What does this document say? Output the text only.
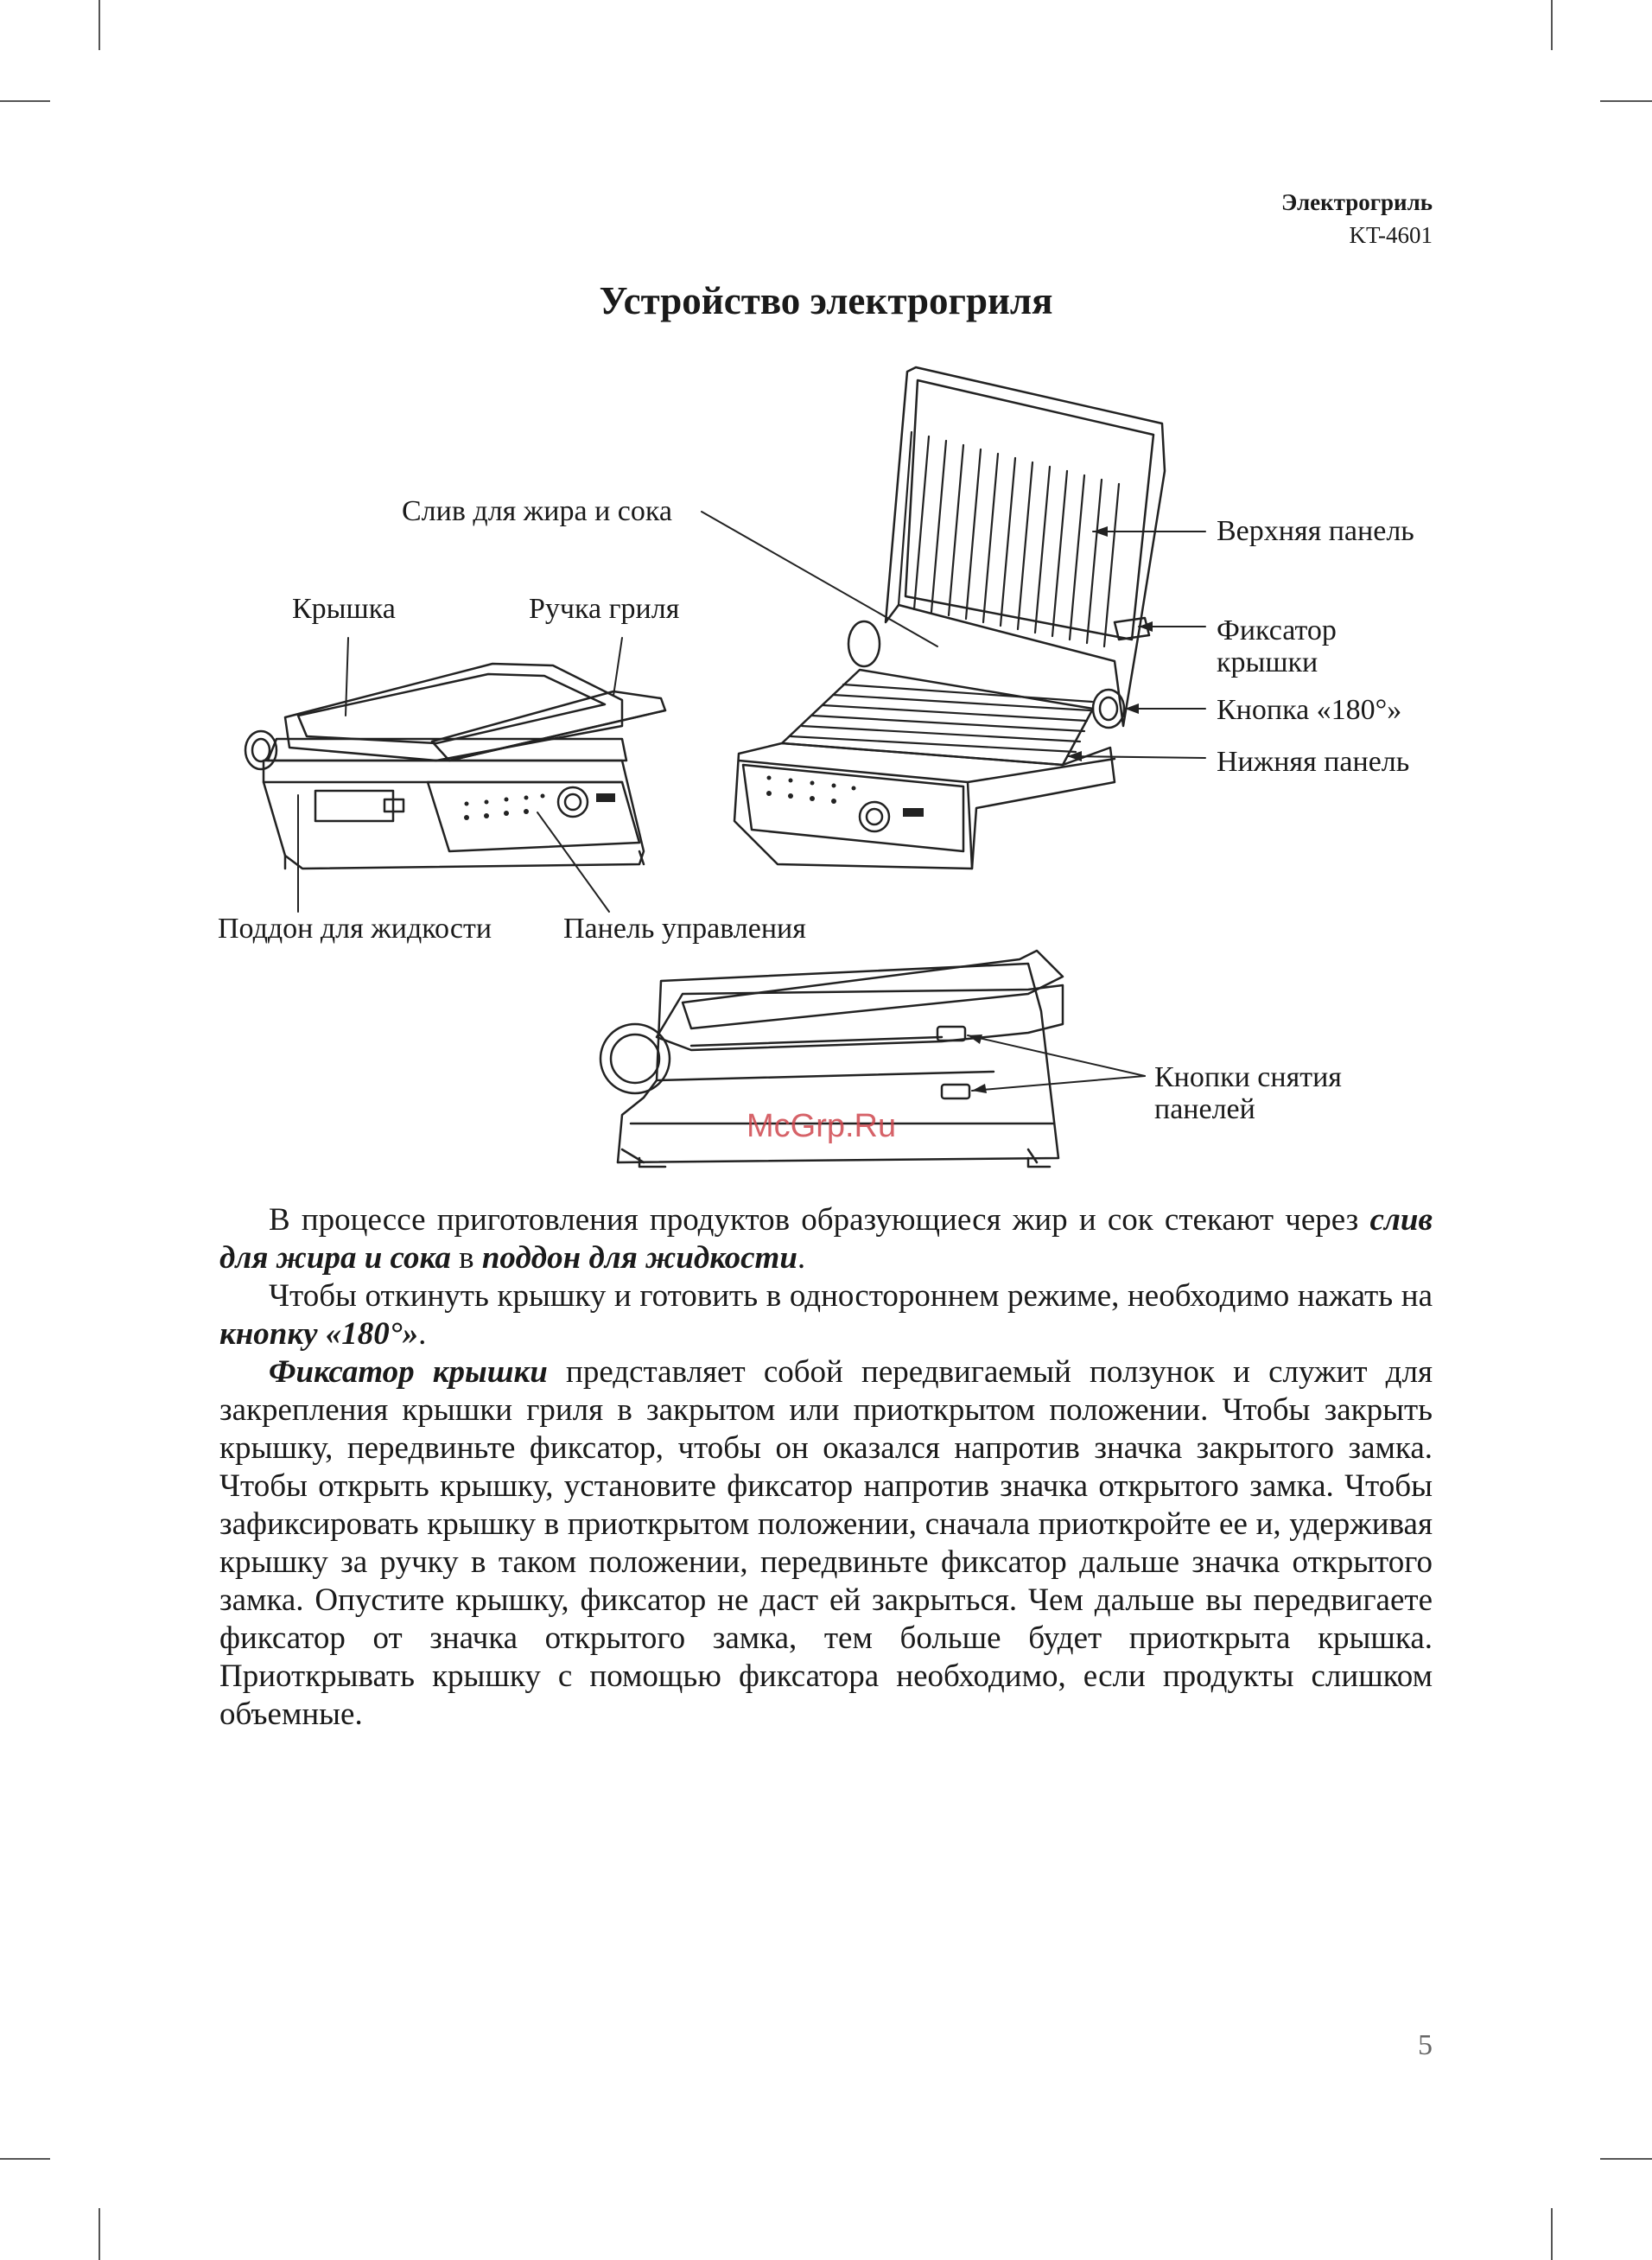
Электрогриль
KT-4601
Устройство электрогриля
Слив для жира и сока
Верхняя панель
Крышка	Ручка гриля
Фиксатор
крышки
Кнопка «180°»
Нижняя панель
Поддон для жидкости Панель управления
Кнопки снятия
панелей
McGrp.Ru

В процессе приготовления продуктов образующиеся жир и сок стекают через слив для жира и сока в поддон для жидкости.

Чтобы откинуть крышку и готовить в одностороннем режиме, необходимо нажать на кнопку «180°».

Фиксатор крышки представляет собой передвигаемый ползунок и служит для закрепления крышки гриля в закрытом или приоткрытом положении. Чтобы закрыть крышку, передвиньте фиксатор, чтобы он оказался напротив значка закрытого замка. Чтобы открыть крышку, установите фиксатор напротив значка открытого замка. Чтобы зафиксировать крышку в приоткрытом положении, сначала приоткройте ее и, удерживая крышку за ручку в таком положении, передвиньте фиксатор дальше значка открытого замка. Опустите крышку, фиксатор не даст ей закрыться. Чем дальше вы передвигаете фиксатор от значка открытого замка, тем больше будет приоткрыта крышка. Приоткрывать крышку с помощью фиксатора необходимо, если продукты слишком объемные.

5
